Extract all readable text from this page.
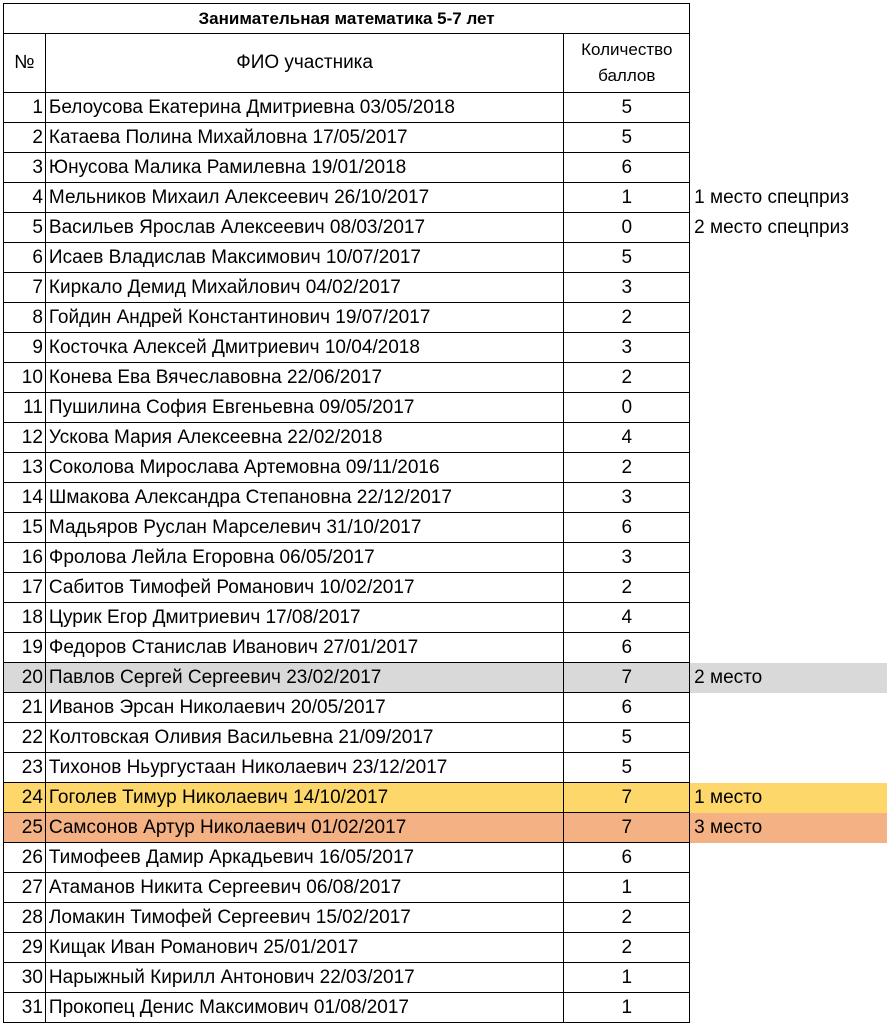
Занимательная математика 5-7 лет			
№	ФИО участника	Количество баллов	
1	Белоусова Екатерина Дмитриевна 03/05/2018	5	
2	Катаева Полина Михайловна 17/05/2017	5	
3	Юнусова Малика Рамилевна 19/01/2018	6	
4	Мельников Михаил Алексеевич 26/10/2017	1	1 место спецприз
5	Васильев Ярослав Алексеевич 08/03/2017	0	2 место спецприз
6	Исаев Владислав Максимович 10/07/2017	5	
7	Киркало Демид Михайлович 04/02/2017	3	
8	Гойдин Андрей Константинович 19/07/2017	2	
9	Косточка Алексей Дмитриевич 10/04/2018	3	
10	Конева Ева Вячеславовна 22/06/2017	2	
11	Пушилина София Евгеньевна 09/05/2017	0	
12	Ускова Мария Алексеевна 22/02/2018	4	
13	Соколова Мирослава Артемовна 09/11/2016	2	
14	Шмакова Александра Степановна 22/12/2017	3	
15	Мадьяров Руслан Марселевич 31/10/2017	6	
16	Фролова Лейла Егоровна 06/05/2017	3	
17	Сабитов Тимофей Романович 10/02/2017	2	
18	Цурик Егор Дмитриевич 17/08/2017	4	
19	Федоров Станислав Иванович 27/01/2017	6	
20	Павлов Сергей Сергеевич 23/02/2017	7	2 место
21	Иванов Эрсан Николаевич 20/05/2017	6	
22	Колтовская Оливия Васильевна 21/09/2017	5	
23	Тихонов Ньургустаан Николаевич 23/12/2017	5	
24	Гоголев Тимур Николаевич 14/10/2017	7	1 место
25	Самсонов Артур Николаевич 01/02/2017	7	3 место
26	Тимофеев Дамир Аркадьевич 16/05/2017	6	
27	Атаманов Никита Сергеевич 06/08/2017	1	
28	Ломакин Тимофей Сергеевич 15/02/2017	2	
29	Кищак Иван Романович 25/01/2017	2	
30	Нарыжный Кирилл Антонович 22/03/2017	1	
31	Прокопец Денис Максимович 01/08/2017	1	
